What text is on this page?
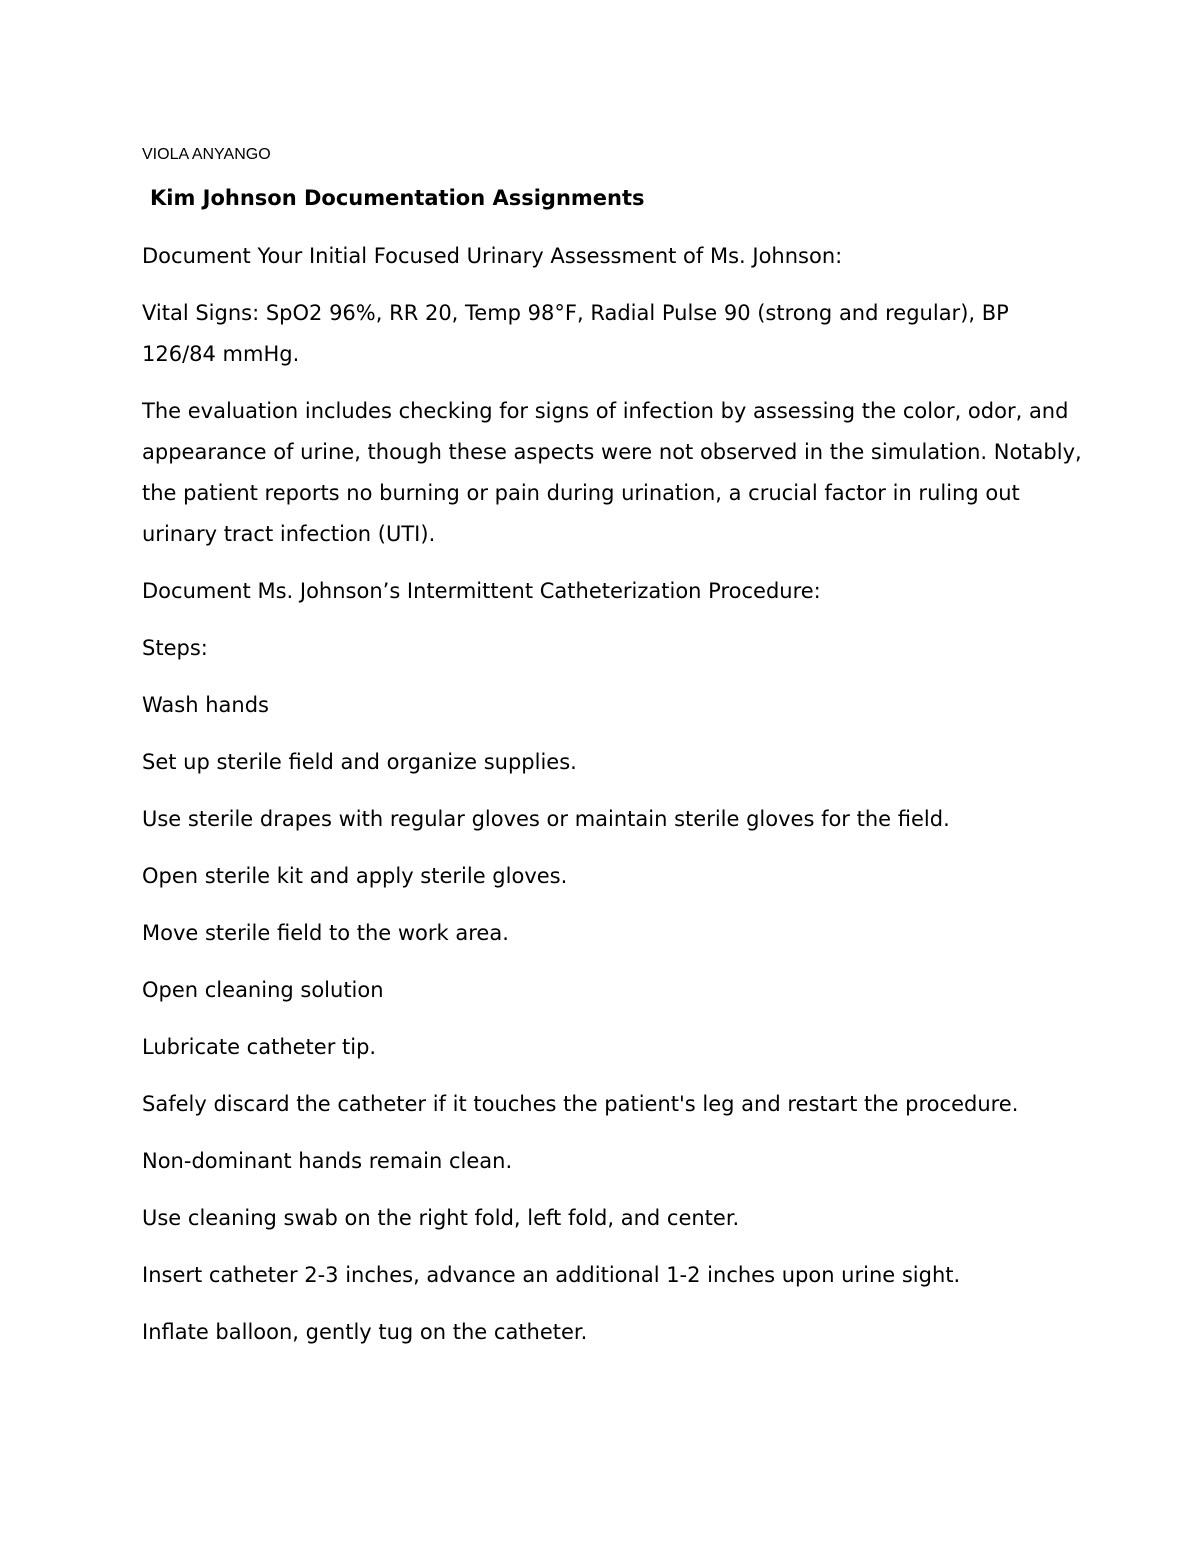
VIOLA ANYANGO

Kim Johnson Documentation Assignments

Document Your Initial Focused Urinary Assessment of Ms. Johnson:

Vital Signs: SpO2 96%, RR 20, Temp 98°F, Radial Pulse 90 (strong and regular), BP 126/84 mmHg.

The evaluation includes checking for signs of infection by assessing the color, odor, and appearance of urine, though these aspects were not observed in the simulation. Notably, the patient reports no burning or pain during urination, a crucial factor in ruling out urinary tract infection (UTI).

Document Ms. Johnson’s Intermittent Catheterization Procedure:

Steps:

Wash hands

Set up sterile field and organize supplies.

Use sterile drapes with regular gloves or maintain sterile gloves for the field.

Open sterile kit and apply sterile gloves.

Move sterile field to the work area.

Open cleaning solution

Lubricate catheter tip.

Safely discard the catheter if it touches the patient's leg and restart the procedure.

Non-dominant hands remain clean.

Use cleaning swab on the right fold, left fold, and center.

Insert catheter 2-3 inches, advance an additional 1-2 inches upon urine sight.

Inflate balloon, gently tug on the catheter.
